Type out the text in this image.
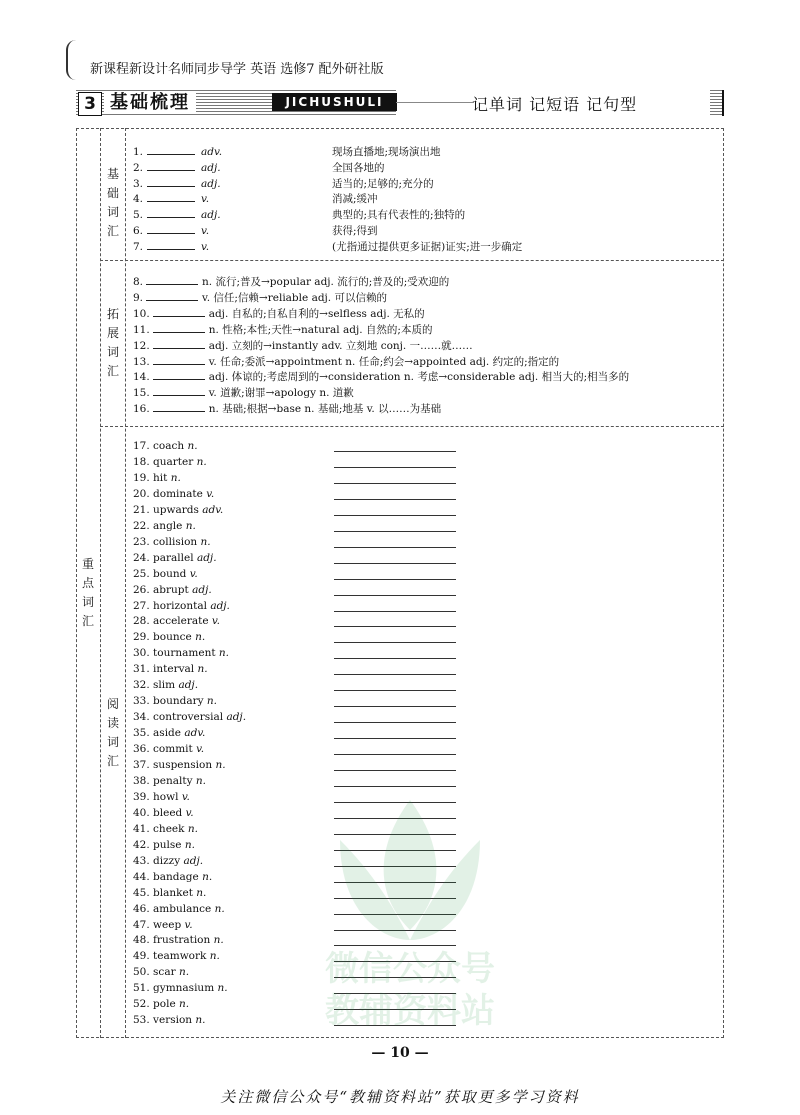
新课程新设计名师同步导学 英语 选修7 配外研社版
3 基础梳理	JICHUSHULI	记单词 记短语 记句型
重点词汇
基础词汇
拓展词汇
阅读词汇
1.	adv.	现场直播地;现场演出地
2.	adj.	全国各地的
3.	adj.	适当的;足够的;充分的
4.	v.	消减;缓冲
5.	adj.	典型的;具有代表性的;独特的
6.	v.	获得;得到
7.	v.	(尤指通过提供更多证据)证实;进一步确定
8.	n. 流行;普及→popular adj. 流行的;普及的;受欢迎的
9.	v. 信任;信赖→reliable adj. 可以信赖的
10.	adj. 自私的;自私自利的→selfless adj. 无私的
11.	n. 性格;本性;天性→natural adj. 自然的;本质的
12.	adj. 立刻的→instantly adv. 立刻地 conj. 一……就……
13.	v. 任命;委派→appointment n. 任命;约会→appointed adj. 约定的;指定的
14.	adj. 体谅的;考虑周到的→consideration n. 考虑→considerable adj. 相当大的;相当多的
15.	v. 道歉;谢罪→apology n. 道歉
16.	n. 基础;根据→base n. 基础;地基 v. 以……为基础
17. coach n.
18. quarter n.
19. hit n.
20. dominate v.
21. upwards adv.
22. angle n.
23. collision n.
24. parallel adj.
25. bound v.
26. abrupt adj.
27. horizontal adj.
28. accelerate v.
29. bounce n.
30. tournament n.
31. interval n.
32. slim adj.
33. boundary n.
34. controversial adj.
35. aside adv.
36. commit v.
37. suspension n.
38. penalty n.
39. howl v.
40. bleed v.
41. cheek n.
42. pulse n.
43. dizzy adj.
44. bandage n.
45. blanket n.
46. ambulance n.
47. weep v.
48. frustration n.
49. teamwork n.
50. scar n.
51. gymnasium n.
52. pole n.
53. version n.
微信公众号
教辅资料站
— 10 —
关注微信公众号“教辅资料站”获取更多学习资料
